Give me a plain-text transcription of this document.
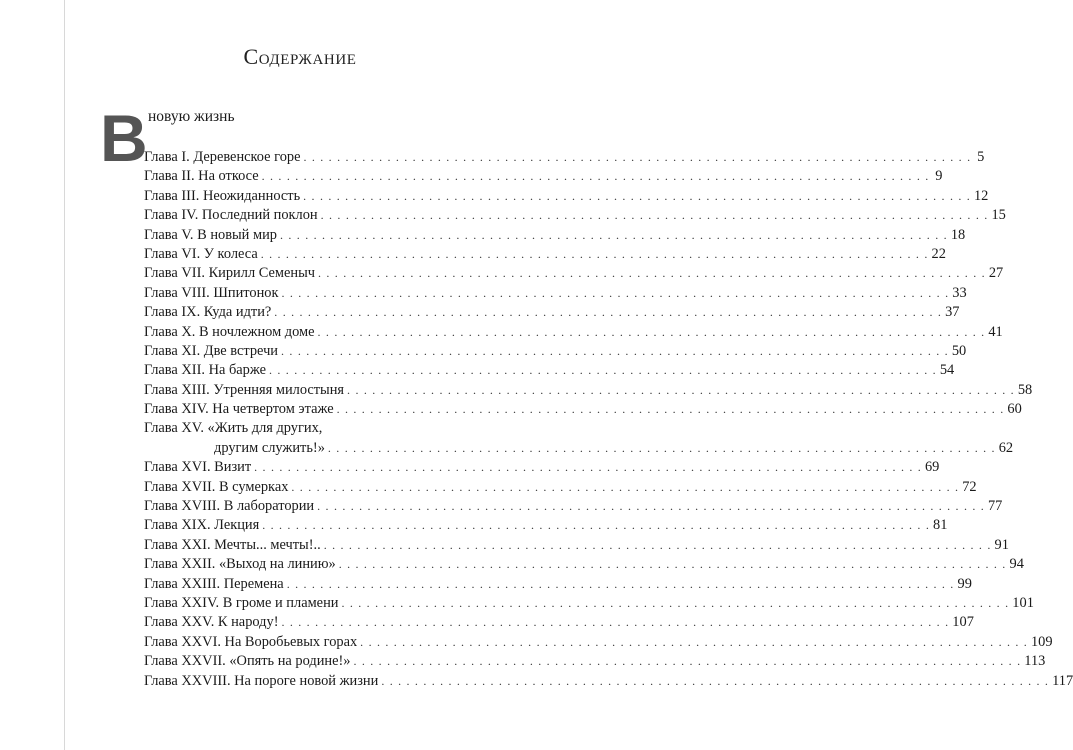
Содержание
В новую жизнь
Глава I. Деревенское горе . . . . . . . . . . . . . . . . . . . . . . . . . . . . . . . . . . . . . . . . . . . . . . . . . . . . . . . . . . . . . . . . . . . . . . . . . . . . . . . . 5
Глава II. На откосе . . . . . . . . . . . . . . . . . . . . . . . . . . . . . . . . . . . . . . . . . . . . . . . . . . . . . . . . . . . . . . . . . . . . . . . . . . . . . . . . 9
Глава III. Неожиданность . . . . . . . . . . . . . . . . . . . . . . . . . . . . . . . . . . . . . . . . . . . . . . . . . . . . . . . . . . . . . . . . . . . . . . . . . . . . . . . . 12
Глава IV. Последний поклон . . . . . . . . . . . . . . . . . . . . . . . . . . . . . . . . . . . . . . . . . . . . . . . . . . . . . . . . . . . . . . . . . . . . . . . . . . . . . . . . 15
Глава V. В новый мир . . . . . . . . . . . . . . . . . . . . . . . . . . . . . . . . . . . . . . . . . . . . . . . . . . . . . . . . . . . . . . . . . . . . . . . . . . . . . . . . 18
Глава VI. У колеса . . . . . . . . . . . . . . . . . . . . . . . . . . . . . . . . . . . . . . . . . . . . . . . . . . . . . . . . . . . . . . . . . . . . . . . . . . . . . . . . 22
Глава VII. Кирилл Семеныч . . . . . . . . . . . . . . . . . . . . . . . . . . . . . . . . . . . . . . . . . . . . . . . . . . . . . . . . . . . . . . . . . . . . . . . . . . . . . . . . 27
Глава VIII. Шпитонок . . . . . . . . . . . . . . . . . . . . . . . . . . . . . . . . . . . . . . . . . . . . . . . . . . . . . . . . . . . . . . . . . . . . . . . . . . . . . . . . 33
Глава IX. Куда идти? . . . . . . . . . . . . . . . . . . . . . . . . . . . . . . . . . . . . . . . . . . . . . . . . . . . . . . . . . . . . . . . . . . . . . . . . . . . . . . . . 37
Глава X. В ночлежном доме . . . . . . . . . . . . . . . . . . . . . . . . . . . . . . . . . . . . . . . . . . . . . . . . . . . . . . . . . . . . . . . . . . . . . . . . . . . . . . . . 41
Глава XI. Две встречи . . . . . . . . . . . . . . . . . . . . . . . . . . . . . . . . . . . . . . . . . . . . . . . . . . . . . . . . . . . . . . . . . . . . . . . . . . . . . . . . 50
Глава XII. На барже . . . . . . . . . . . . . . . . . . . . . . . . . . . . . . . . . . . . . . . . . . . . . . . . . . . . . . . . . . . . . . . . . . . . . . . . . . . . . . . . 54
Глава XIII. Утренняя милостыня . . . . . . . . . . . . . . . . . . . . . . . . . . . . . . . . . . . . . . . . . . . . . . . . . . . . . . . . . . . . . . . . . . . . . . . . . . . . . . . . 58
Глава XIV. На четвертом этаже . . . . . . . . . . . . . . . . . . . . . . . . . . . . . . . . . . . . . . . . . . . . . . . . . . . . . . . . . . . . . . . . . . . . . . . . . . . . . . . . 60
Глава XV. «Жить для других,
другим служить!» . . . . . . . . . . . . . . . . . . . . . . . . . . . . . . . . . . . . . . . . . . . . . . . . . . . . . . . . . . . . . . . . . . . . . . . . . . . . . . . . 62
Глава XVI. Визит . . . . . . . . . . . . . . . . . . . . . . . . . . . . . . . . . . . . . . . . . . . . . . . . . . . . . . . . . . . . . . . . . . . . . . . . . . . . . . . . 69
Глава XVII. В сумерках . . . . . . . . . . . . . . . . . . . . . . . . . . . . . . . . . . . . . . . . . . . . . . . . . . . . . . . . . . . . . . . . . . . . . . . . . . . . . . . . 72
Глава XVIII. В лаборатории . . . . . . . . . . . . . . . . . . . . . . . . . . . . . . . . . . . . . . . . . . . . . . . . . . . . . . . . . . . . . . . . . . . . . . . . . . . . . . . . 77
Глава XIX. Лекция . . . . . . . . . . . . . . . . . . . . . . . . . . . . . . . . . . . . . . . . . . . . . . . . . . . . . . . . . . . . . . . . . . . . . . . . . . . . . . . . 81
Глава XXI. Мечты... мечты!.. . . . . . . . . . . . . . . . . . . . . . . . . . . . . . . . . . . . . . . . . . . . . . . . . . . . . . . . . . . . . . . . . . . . . . . . . . . . . . . . . 91
Глава XXII. «Выход на линию» . . . . . . . . . . . . . . . . . . . . . . . . . . . . . . . . . . . . . . . . . . . . . . . . . . . . . . . . . . . . . . . . . . . . . . . . . . . . . . . . 94
Глава XXIII. Перемена . . . . . . . . . . . . . . . . . . . . . . . . . . . . . . . . . . . . . . . . . . . . . . . . . . . . . . . . . . . . . . . . . . . . . . . . . . . . . . . . 99
Глава XXIV. В громе и пламени . . . . . . . . . . . . . . . . . . . . . . . . . . . . . . . . . . . . . . . . . . . . . . . . . . . . . . . . . . . . . . . . . . . . . . . . . . . . . . . . 101
Глава XXV. К народу! . . . . . . . . . . . . . . . . . . . . . . . . . . . . . . . . . . . . . . . . . . . . . . . . . . . . . . . . . . . . . . . . . . . . . . . . . . . . . . . . 107
Глава XXVI. На Воробьевых горах . . . . . . . . . . . . . . . . . . . . . . . . . . . . . . . . . . . . . . . . . . . . . . . . . . . . . . . . . . . . . . . . . . . . . . . . . . . . . . . . 109
Глава XXVII. «Опять на родине!» . . . . . . . . . . . . . . . . . . . . . . . . . . . . . . . . . . . . . . . . . . . . . . . . . . . . . . . . . . . . . . . . . . . . . . . . . . . . . . . . 113
Глава XXVIII. На пороге новой жизни . . . . . . . . . . . . . . . . . . . . . . . . . . . . . . . . . . . . . . . . . . . . . . . . . . . . . . . . . . . . . . . . . . . . . . . . . . . . . . . . 117
